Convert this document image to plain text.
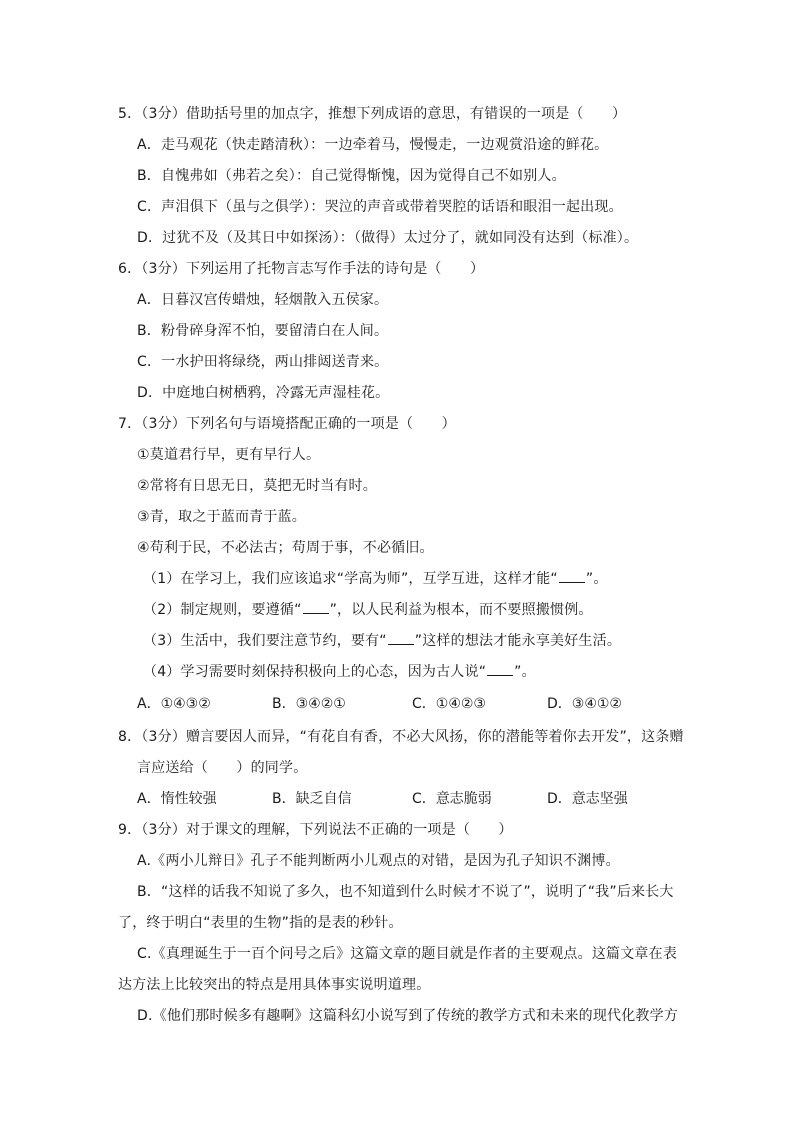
5．（3分）借助括号里的加点字，推想下列成语的意思，有错误的一项是（　　）
A．走马观花（快走踏清秋）：一边牵着马，慢慢走，一边观赏沿途的鲜花。
B．自愧弗如（弗若之矣）：自己觉得惭愧，因为觉得自己不如别人。
C．声泪俱下（虽与之俱学）：哭泣的声音或带着哭腔的话语和眼泪一起出现。
D．过犹不及（及其日中如探汤）：（做得）太过分了，就如同没有达到（标准）。
6．（3分）下列运用了托物言志写作手法的诗句是（　　）
A．日暮汉宫传蜡烛，轻烟散入五侯家。
B．粉骨碎身浑不怕，要留清白在人间。
C．一水护田将绿绕，两山排闼送青来。
D．中庭地白树栖鸦，冷露无声湿桂花。
7．（3分）下列名句与语境搭配正确的一项是（　　）
①莫道君行早，更有早行人。
②常将有日思无日，莫把无时当有时。
③青，取之于蓝而青于蓝。
④苟利于民，不必法古；苟周于事，不必循旧。
（1）在学习上，我们应该追求“学高为师”，互学互进，这样才能“ ”。
（2）制定规则，要遵循“ ”，以人民利益为根本，而不要照搬惯例。
（3）生活中，我们要注意节约，要有“ ”这样的想法才能永享美好生活。
（4）学习需要时刻保持积极向上的心态，因为古人说“ ”。
A．①④③②	B．③④②①	C．①④②③	D．③④①②
8．（3分）赠言要因人而异，“有花自有香，不必大风扬，你的潜能等着你去开发”，这条赠
言应送给（　　）的同学。
A．惰性较强	B．缺乏自信	C．意志脆弱	D．意志坚强
9．（3分）对于课文的理解，下列说法不正确的一项是（　　）
A.《两小儿辩日》孔子不能判断两小儿观点的对错，是因为孔子知识不渊博。
B．“这样的话我不知说了多久，也不知道到什么时候才不说了”，说明了“我”后来长大
了，终于明白“表里的生物”指的是表的秒针。
C.《真理诞生于一百个问号之后》这篇文章的题目就是作者的主要观点。这篇文章在表
达方法上比较突出的特点是用具体事实说明道理。
D.《他们那时候多有趣啊》这篇科幻小说写到了传统的教学方式和未来的现代化教学方
